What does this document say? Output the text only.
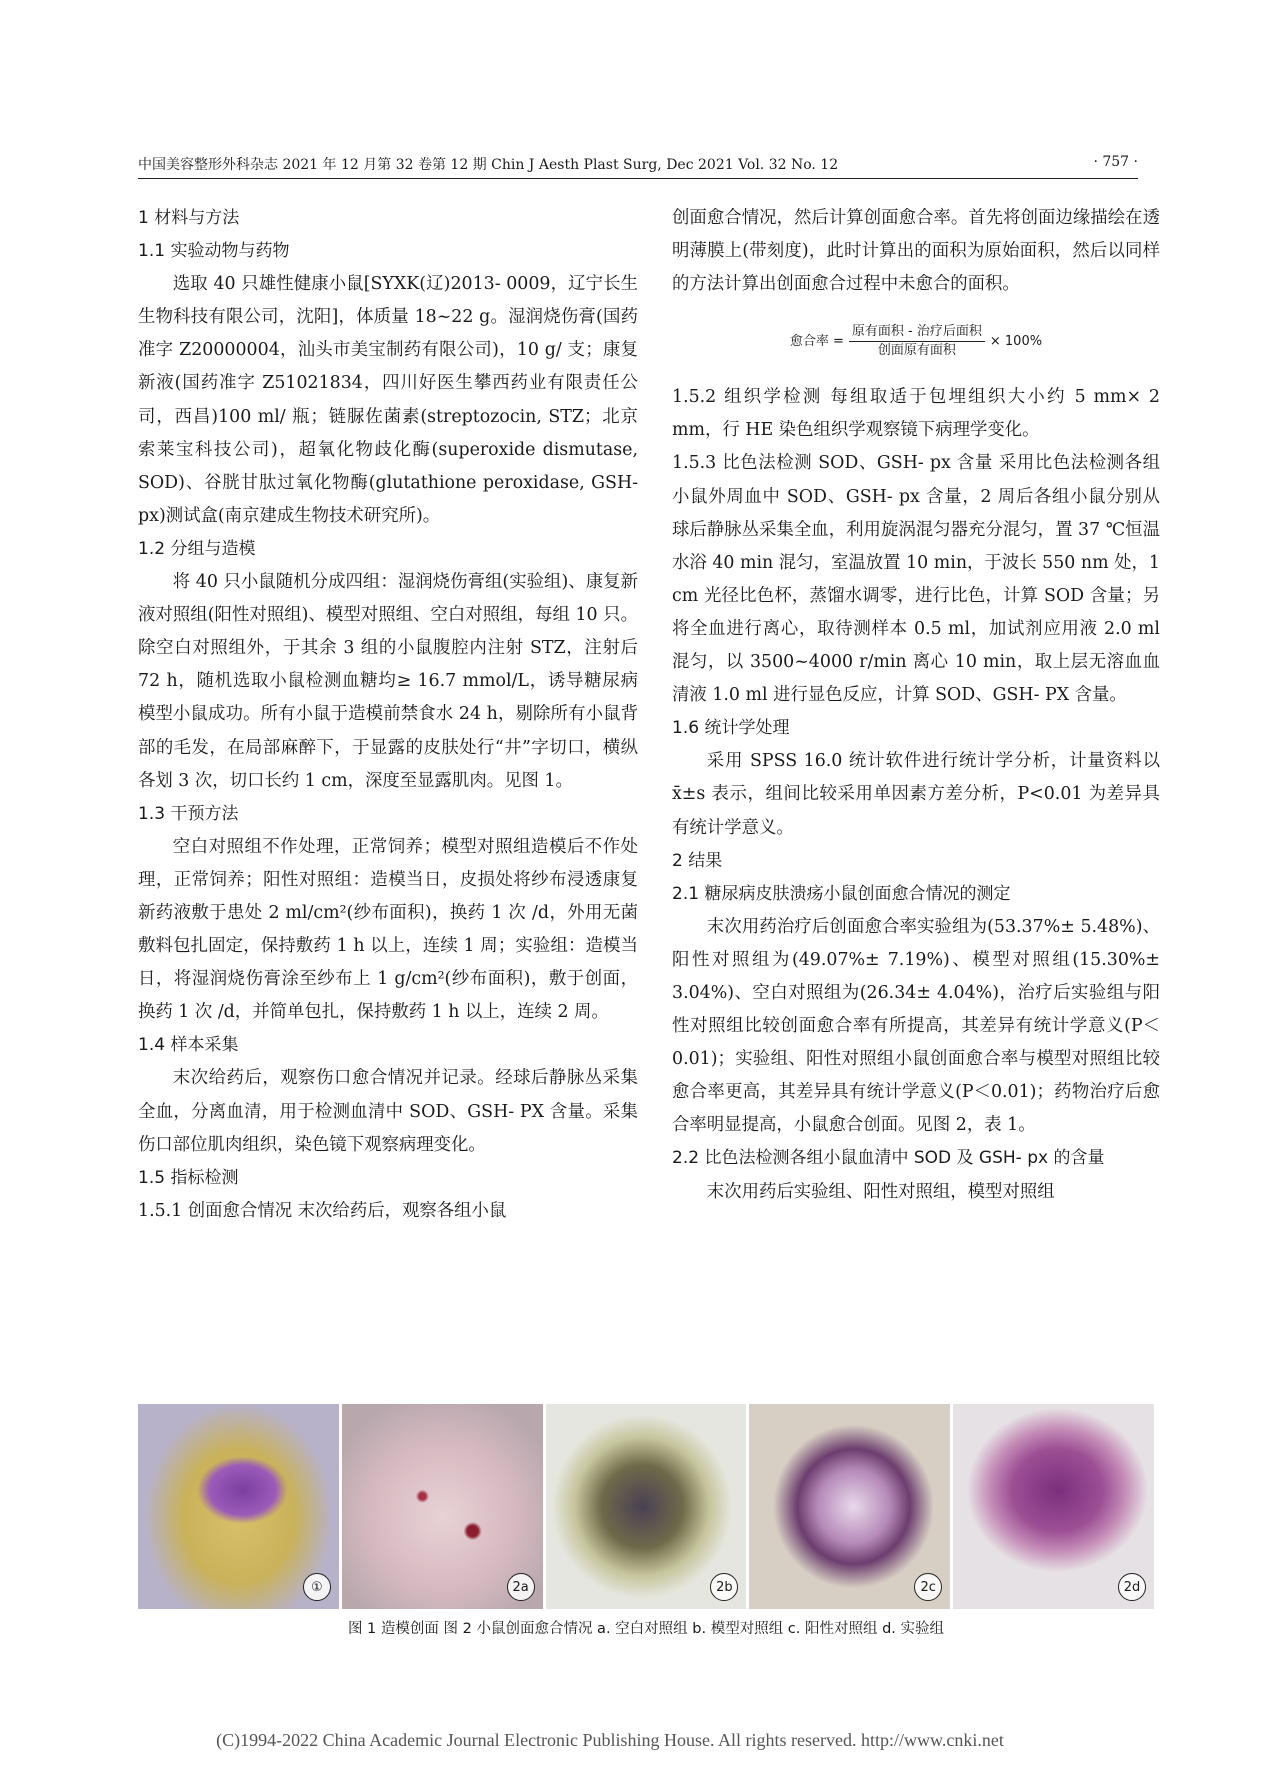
中国美容整形外科杂志 2021 年 12 月第 32 卷第 12 期 Chin J Aesth Plast Surg, Dec 2021 Vol. 32 No. 12	· 757 ·
1 材料与方法
1.1 实验动物与药物

选取 40 只雄性健康小鼠[SYXK(辽)2013- 0009，辽宁长生生物科技有限公司，沈阳]，体质量 18~22 g。湿润烧伤膏(国药准字 Z20000004，汕头市美宝制药有限公司)，10 g/ 支；康复新液(国药准字 Z51021834，四川好医生攀西药业有限责任公司，西昌)100 ml/ 瓶；链脲佐菌素(streptozocin, STZ；北京索莱宝科技公司)，超氧化物歧化酶(superoxide dismutase, SOD)、谷胱甘肽过氧化物酶(glutathione peroxidase, GSH- px)测试盒(南京建成生物技术研究所)。

1.2 分组与造模

将 40 只小鼠随机分成四组：湿润烧伤膏组(实验组)、康复新液对照组(阳性对照组)、模型对照组、空白对照组，每组 10 只。除空白对照组外，于其余 3 组的小鼠腹腔内注射 STZ，注射后 72 h，随机选取小鼠检测血糖均≥ 16.7 mmol/L，诱导糖尿病模型小鼠成功。所有小鼠于造模前禁食水 24 h，剔除所有小鼠背部的毛发，在局部麻醉下，于显露的皮肤处行“井”字切口，横纵各划 3 次，切口长约 1 cm，深度至显露肌肉。见图 1。

1.3 干预方法

空白对照组不作处理，正常饲养；模型对照组造模后不作处理，正常饲养；阳性对照组：造模当日，皮损处将纱布浸透康复新药液敷于患处 2 ml/cm²(纱布面积)，换药 1 次 /d，外用无菌敷料包扎固定，保持敷药 1 h 以上，连续 1 周；实验组：造模当日，将湿润烧伤膏涂至纱布上 1 g/cm²(纱布面积)，敷于创面，换药 1 次 /d，并简单包扎，保持敷药 1 h 以上，连续 2 周。

1.4 样本采集

末次给药后，观察伤口愈合情况并记录。经球后静脉丛采集全血，分离血清，用于检测血清中 SOD、GSH- PX 含量。采集伤口部位肌肉组织，染色镜下观察病理变化。

1.5 指标检测

1.5.1 创面愈合情况 末次给药后，观察各组小鼠

创面愈合情况，然后计算创面愈合率。首先将创面边缘描绘在透明薄膜上(带刻度)，此时计算出的面积为原始面积，然后以同样的方法计算出创面愈合过程中未愈合的面积。

愈合率 = $\frac{\text{原有面积 - 治疗后面积}}{\text{创面原有面积}} \times 100\%$

1.5.2 组织学检测 每组取适于包埋组织大小约 5 mm× 2 mm，行 HE 染色组织学观察镜下病理学变化。

1.5.3 比色法检测 SOD、GSH- px 含量 采用比色法检测各组小鼠外周血中 SOD、GSH- px 含量，2 周后各组小鼠分别从球后静脉丛采集全血，利用旋涡混匀器充分混匀，置 37 ℃恒温水浴 40 min 混匀，室温放置 10 min，于波长 550 nm 处，1 cm 光径比色杯，蒸馏水调零，进行比色，计算 SOD 含量；另将全血进行离心，取待测样本 0.5 ml，加试剂应用液 2.0 ml 混匀，以 3500~4000 r/min 离心 10 min，取上层无溶血血清液 1.0 ml 进行显色反应，计算 SOD、GSH- PX 含量。

1.6 统计学处理

采用 SPSS 16.0 统计软件进行统计学分析，计量资料以 x̄±s 表示，组间比较采用单因素方差分析，P<0.01 为差异具有统计学意义。

2 结果
2.1 糖尿病皮肤溃疡小鼠创面愈合情况的测定

末次用药治疗后创面愈合率实验组为(53.37%± 5.48%)、阳性对照组为(49.07%± 7.19%)、模型对照组(15.30%± 3.04%)、空白对照组为(26.34± 4.04%)，治疗后实验组与阳性对照组比较创面愈合率有所提高，其差异有统计学意义(P＜0.01)；实验组、阳性对照组小鼠创面愈合率与模型对照组比较愈合率更高，其差异具有统计学意义(P＜0.01)；药物治疗后愈合率明显提高，小鼠愈合创面。见图 2，表 1。

2.2 比色法检测各组小鼠血清中 SOD 及 GSH- px 的含量

末次用药后实验组、阳性对照组，模型对照组

①	2a	2b	2c	2d
图 1 造模创面 图 2 小鼠创面愈合情况 a. 空白对照组 b. 模型对照组 c. 阳性对照组 d. 实验组
(C)1994-2022 China Academic Journal Electronic Publishing House. All rights reserved. http://www.cnki.net
